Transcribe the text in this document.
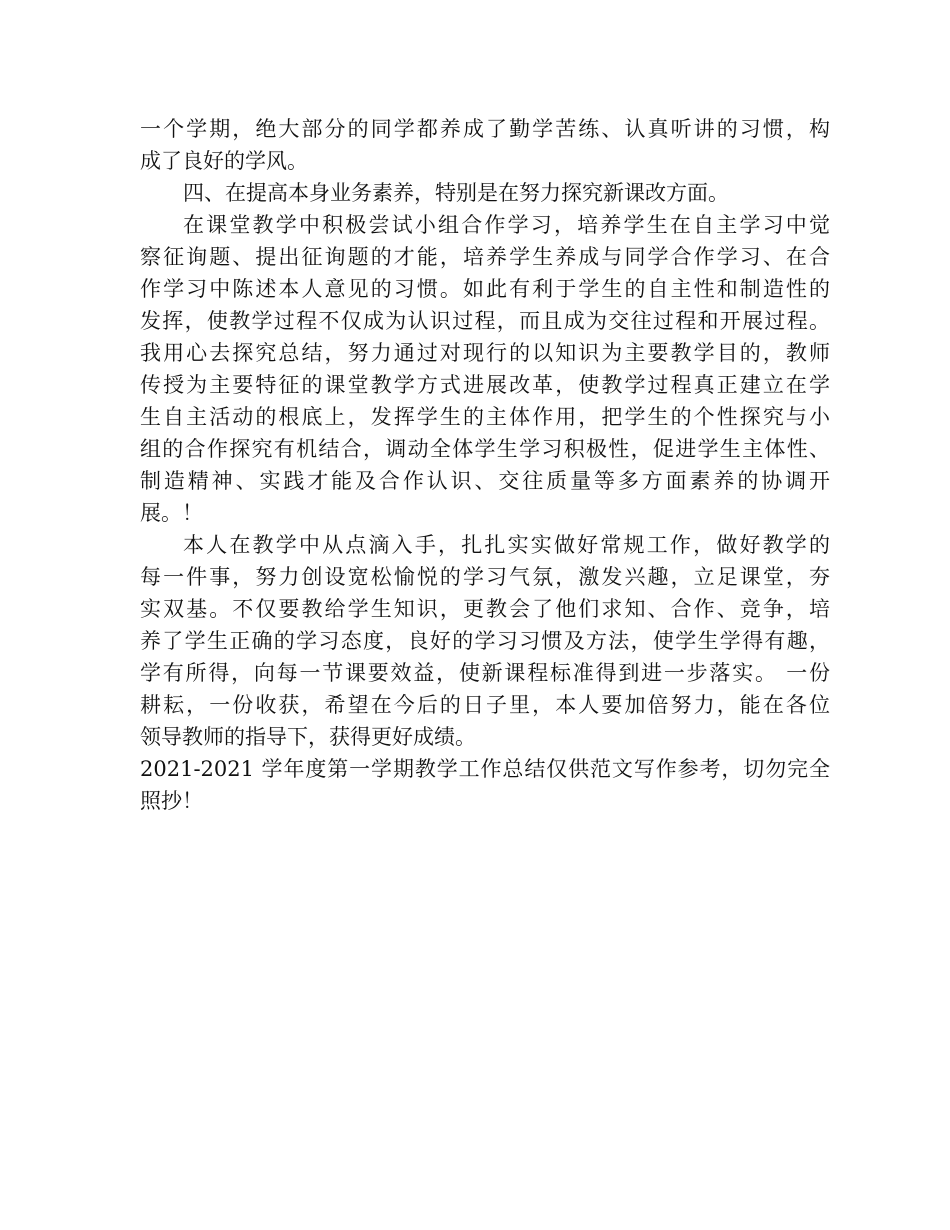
一个学期，绝大部分的同学都养成了勤学苦练、认真听讲的习惯，构
成了良好的学风。
四、在提高本身业务素养，特别是在努力探究新课改方面。
在课堂教学中积极尝试小组合作学习，培养学生在自主学习中觉
察征询题、提出征询题的才能，培养学生养成与同学合作学习、在合
作学习中陈述本人意见的习惯。如此有利于学生的自主性和制造性的
发挥，使教学过程不仅成为认识过程，而且成为交往过程和开展过程。
我用心去探究总结，努力通过对现行的以知识为主要教学目的，教师
传授为主要特征的课堂教学方式进展改革，使教学过程真正建立在学
生自主活动的根底上，发挥学生的主体作用，把学生的个性探究与小
组的合作探究有机结合，调动全体学生学习积极性，促进学生主体性、
制造精神、实践才能及合作认识、交往质量等多方面素养的协调开
展。！
本人在教学中从点滴入手，扎扎实实做好常规工作，做好教学的
每一件事，努力创设宽松愉悦的学习气氛，激发兴趣，立足课堂，夯
实双基。不仅要教给学生知识，更教会了他们求知、合作、竞争，培
养了学生正确的学习态度，良好的学习习惯及方法，使学生学得有趣，
学有所得，向每一节课要效益，使新课程标准得到进一步落实。 一份
耕耘，一份收获，希望在今后的日子里，本人要加倍努力，能在各位
领导教师的指导下，获得更好成绩。
2021-2021 学年度第一学期教学工作总结仅供范文写作参考，切勿完全
照抄！
